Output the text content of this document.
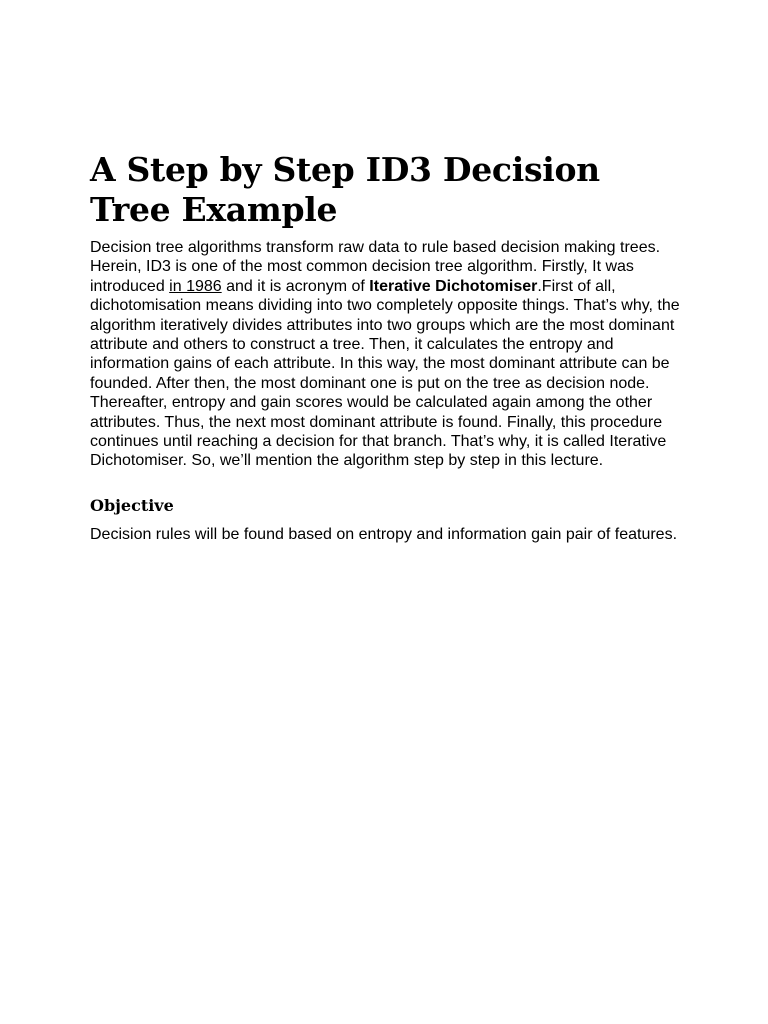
A Step by Step ID3 Decision Tree Example

Decision tree algorithms transform raw data to rule based decision making trees. Herein, ID3 is one of the most common decision tree algorithm. Firstly, It was introduced in 1986 and it is acronym of Iterative Dichotomiser.First of all, dichotomisation means dividing into two completely opposite things. That’s why, the algorithm iteratively divides attributes into two groups which are the most dominant attribute and others to construct a tree. Then, it calculates the entropy and information gains of each attribute. In this way, the most dominant attribute can be founded. After then, the most dominant one is put on the tree as decision node. Thereafter, entropy and gain scores would be calculated again among the other attributes. Thus, the next most dominant attribute is found. Finally, this procedure continues until reaching a decision for that branch. That’s why, it is called Iterative Dichotomiser. So, we’ll mention the algorithm step by step in this lecture.

Objective

Decision rules will be found based on entropy and information gain pair of features.
